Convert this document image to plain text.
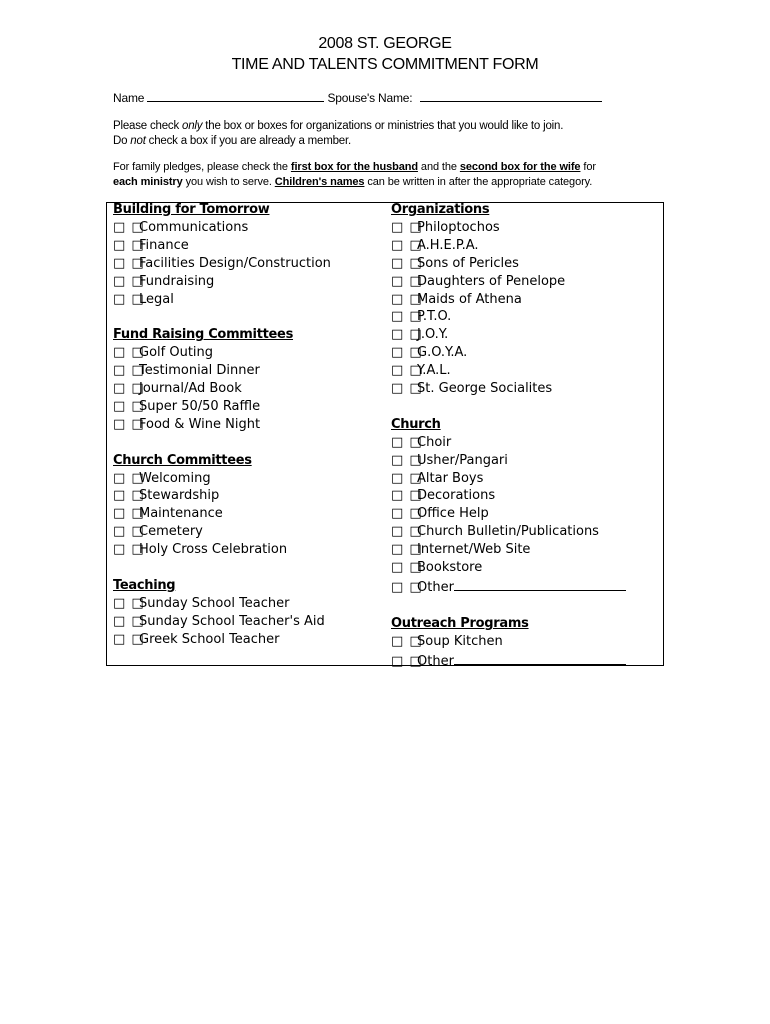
2008 ST. GEORGE
TIME AND TALENTS COMMITMENT FORM
Name	Spouse's Name:
Please check only the box or boxes for organizations or ministries that you would like to join.
Do not check a box if you are already a member.
For family pledges, please check the first box for the husband and the second box for the wife for
each ministry you wish to serve. Children's names can be written in after the appropriate category.
Building for Tomorrow
□ □Communications
□ □Finance
□ □Facilities Design/Construction
□ □Fundraising
□ □Legal
Fund Raising Committees
□ □Golf Outing
□ □Testimonial Dinner
□ □Journal/Ad Book
□ □Super 50/50 Raffle
□ □Food & Wine Night
Church Committees
□ □Welcoming
□ □Stewardship
□ □Maintenance
□ □Cemetery
□ □Holy Cross Celebration
Teaching
□ □Sunday School Teacher
□ □Sunday School Teacher's Aid
□ □Greek School Teacher
Organizations
□ □Philoptochos
□ □A.H.E.P.A.
□ □Sons of Pericles
□ □Daughters of Penelope
□ □Maids of Athena
□ □P.T.O.
□ □J.O.Y.
□ □G.O.Y.A.
□ □Y.A.L.
□ □St. George Socialites
Church
□ □Choir
□ □Usher/Pangari
□ □Altar Boys
□ □Decorations
□ □Office Help
□ □Church Bulletin/Publications
□ □Internet/Web Site
□ □Bookstore
□ □Other
Outreach Programs
□ □Soup Kitchen
□ □Other
